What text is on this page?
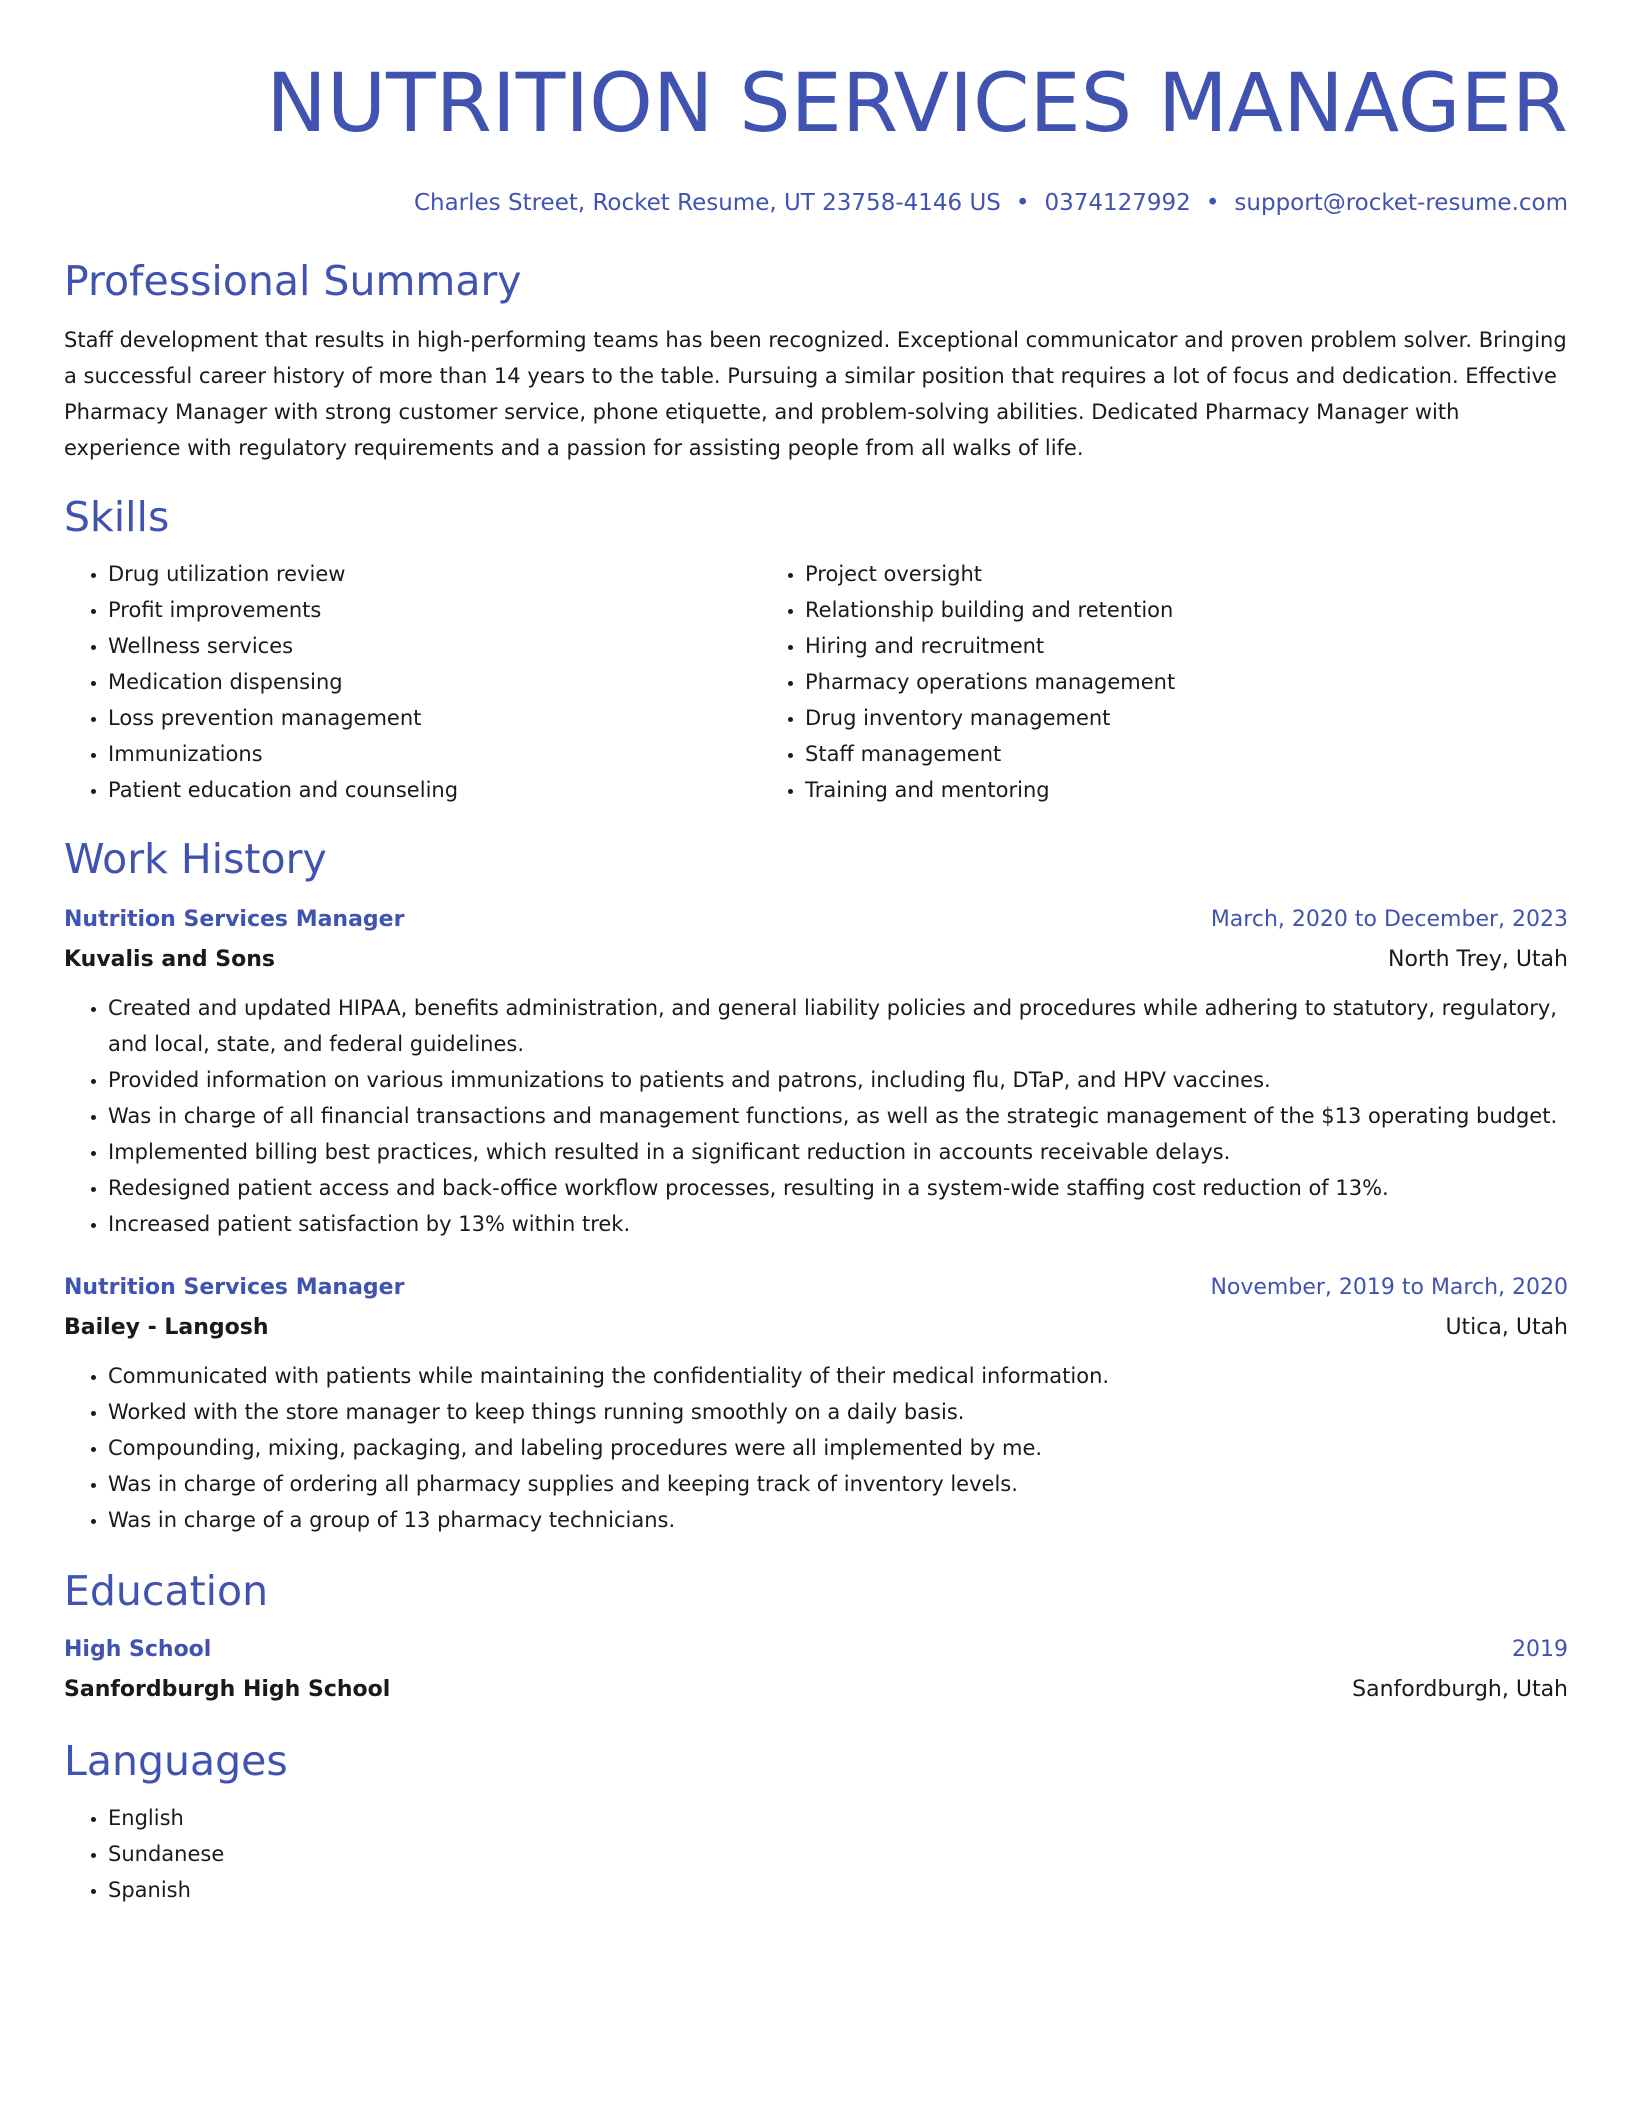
NUTRITION SERVICES MANAGER
Charles Street, Rocket Resume, UT 23758-4146 US • 0374127992 • support@rocket-resume.com
Professional Summary
Staff development that results in high-performing teams has been recognized. Exceptional communicator and proven problem solver. Bringing a successful career history of more than 14 years to the table. Pursuing a similar position that requires a lot of focus and dedication. Effective Pharmacy Manager with strong customer service, phone etiquette, and problem-solving abilities. Dedicated Pharmacy Manager with experience with regulatory requirements and a passion for assisting people from all walks of life.
Skills
• Drug utilization review
• Profit improvements
• Wellness services
• Medication dispensing
• Loss prevention management
• Immunizations
• Patient education and counseling
• Project oversight
• Relationship building and retention
• Hiring and recruitment
• Pharmacy operations management
• Drug inventory management
• Staff management
• Training and mentoring
Work History
Nutrition Services Manager	March, 2020 to December, 2023
Kuvalis and Sons	North Trey, Utah
• Created and updated HIPAA, benefits administration, and general liability policies and procedures while adhering to statutory, regulatory, and local, state, and federal guidelines.
• Provided information on various immunizations to patients and patrons, including flu, DTaP, and HPV vaccines.
• Was in charge of all financial transactions and management functions, as well as the strategic management of the $13 operating budget.
• Implemented billing best practices, which resulted in a significant reduction in accounts receivable delays.
• Redesigned patient access and back-office workflow processes, resulting in a system-wide staffing cost reduction of 13%.
• Increased patient satisfaction by 13% within trek.
Nutrition Services Manager	November, 2019 to March, 2020
Bailey - Langosh	Utica, Utah
• Communicated with patients while maintaining the confidentiality of their medical information.
• Worked with the store manager to keep things running smoothly on a daily basis.
• Compounding, mixing, packaging, and labeling procedures were all implemented by me.
• Was in charge of ordering all pharmacy supplies and keeping track of inventory levels.
• Was in charge of a group of 13 pharmacy technicians.
Education
High School	2019
Sanfordburgh High School	Sanfordburgh, Utah
Languages
• English
• Sundanese
• Spanish
